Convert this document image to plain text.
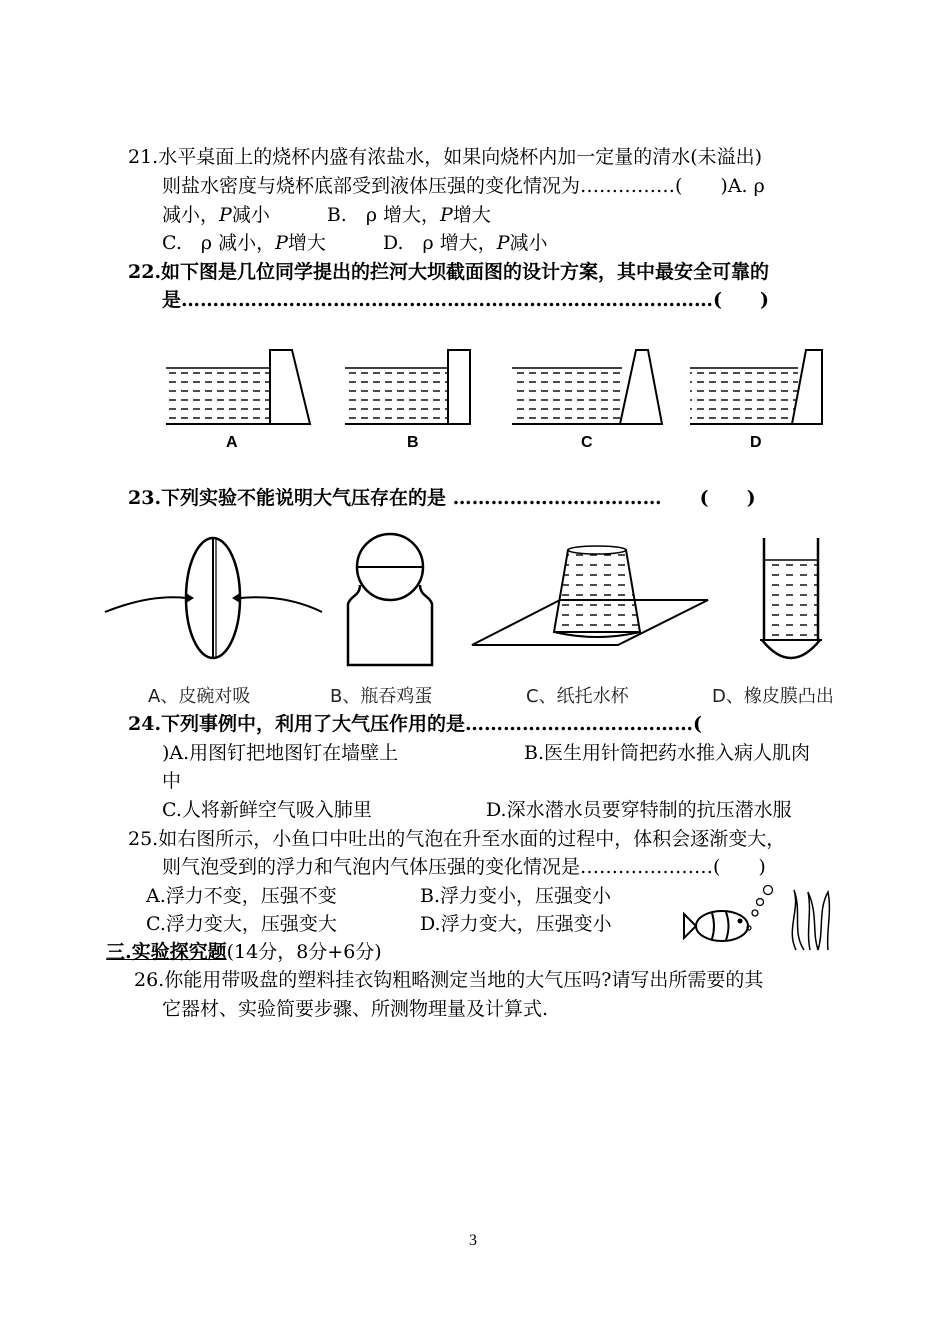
21.水平桌面上的烧杯内盛有浓盐水，如果向烧杯内加一定量的清水(未溢出)
则盐水密度与烧杯底部受到液体压强的变化情况为……………(　　)A. ρ
减小，P减小　　　B.　ρ 增大，P增大
C.　ρ 减小，P增大　　　D.　ρ 增大，P减小
22.如下图是几位同学提出的拦河大坝截面图的设计方案，其中最安全可靠的
是…………………………………………………………………………(　　)
A	B	C	D
23.下列实验不能说明大气压存在的是 ……………………………　　(　　)
A、皮碗对吸	B、瓶吞鸡蛋	C、纸托水杯	D、橡皮膜凸出
24.下列事例中，利用了大气压作用的是………………………………(
)A.用图钉把地图钉在墙壁上	B.医生用针筒把药水推入病人肌肉
中
C.人将新鲜空气吸入肺里	D.深水潜水员要穿特制的抗压潜水服
25.如右图所示，小鱼口中吐出的气泡在升至水面的过程中，体积会逐渐变大，
则气泡受到的浮力和气泡内气体压强的变化情况是…………………(　　)
A.浮力不变，压强不变	B.浮力变小，压强变小
C.浮力变大，压强变大	D.浮力变大，压强变小
三.实验探究题(14分，8分+6分)
26.你能用带吸盘的塑料挂衣钩粗略测定当地的大气压吗?请写出所需要的其
它器材、实验简要步骤、所测物理量及计算式.
3
